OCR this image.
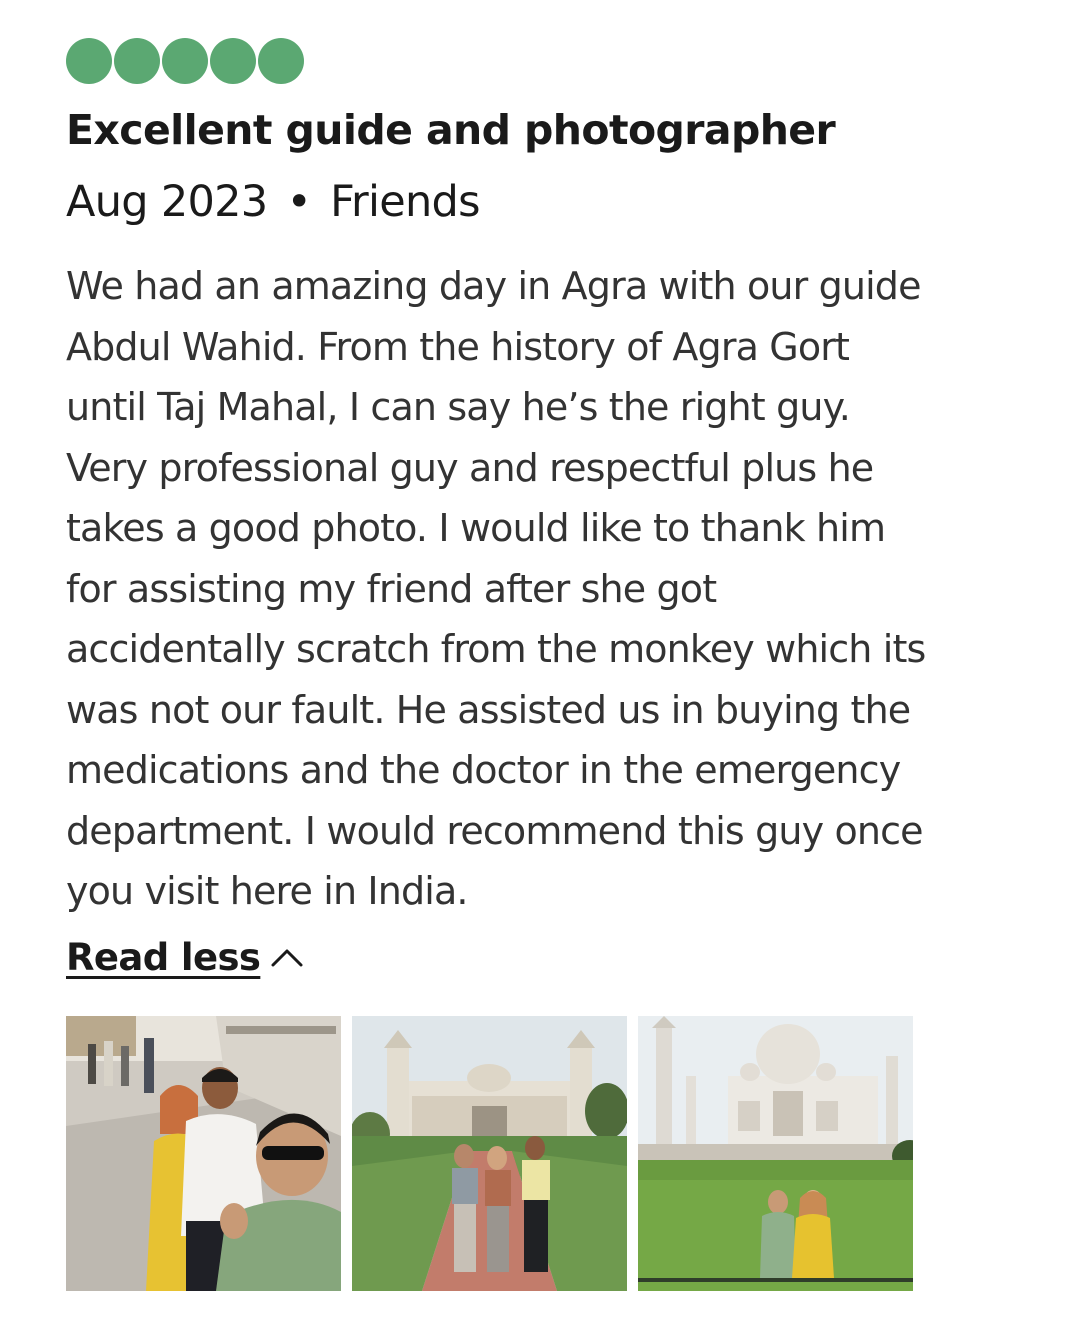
Excellent guide and photographer
Aug 2023 • Friends
We had an amazing day in Agra with our guide
Abdul Wahid. From the history of Agra Gort
until Taj Mahal, I can say he’s the right guy.
Very professional guy and respectful plus he
takes a good photo. I would like to thank him
for assisting my friend after she got
accidentally scratch from the monkey which its
was not our fault. He assisted us in buying the
medications and the doctor in the emergency
department. I would recommend this guy once
you visit here in India.
Read less
